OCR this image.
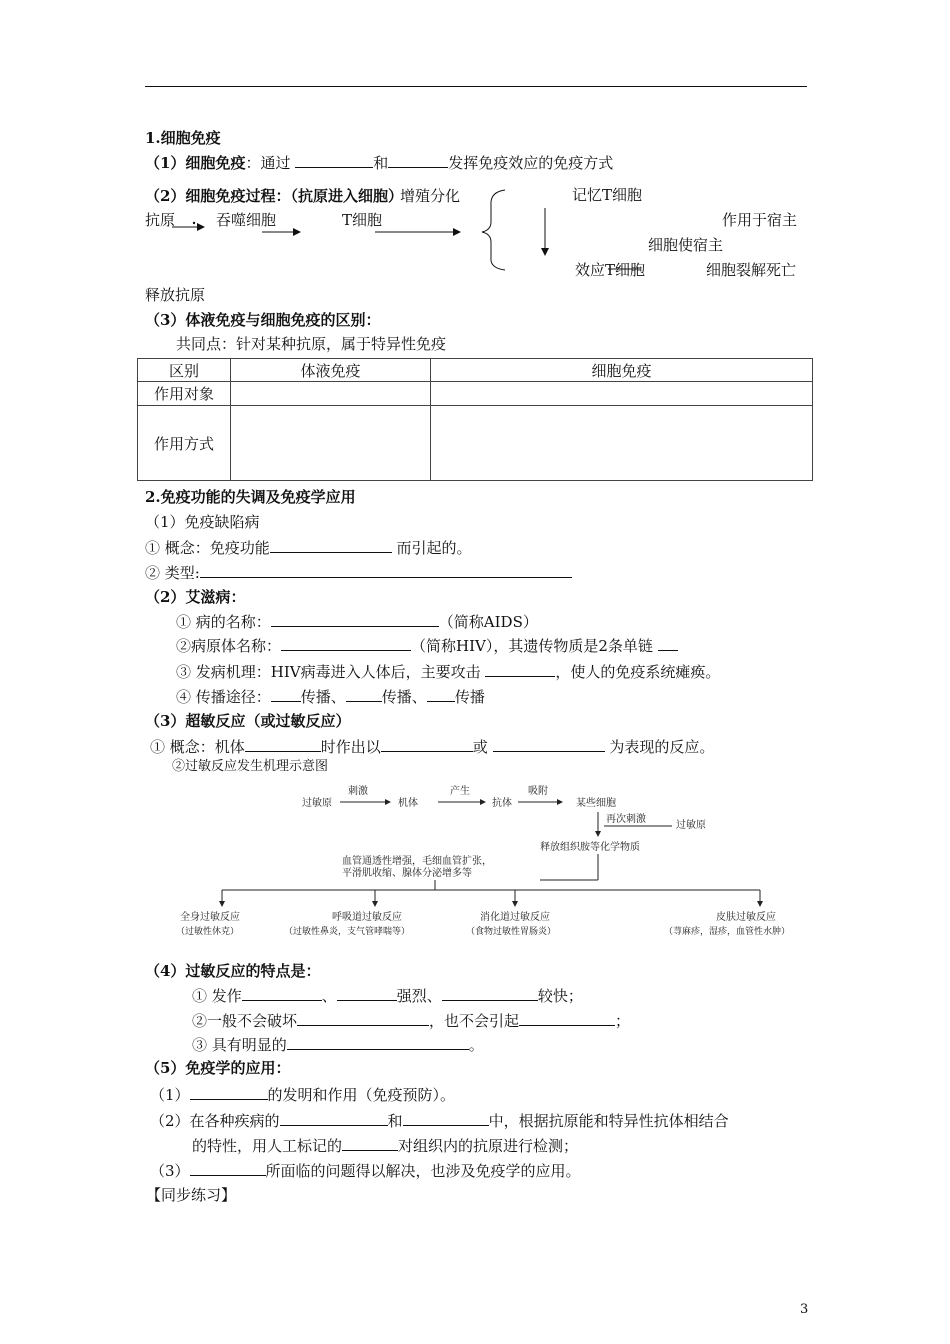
1.细胞免疫
（1）细胞免疫：通过	和	发挥免疫效应的免疫方式
（2）细胞免疫过程：（抗原进入细胞）
增殖分化
抗原	吞噬细胞	T细胞
记忆T细胞
效应T细胞
作用于宿主
细胞使宿主
细胞裂解死亡
释放抗原
（3）体液免疫与细胞免疫的区别：
共同点：针对某种抗原，属于特异性免疫
区别	体液免疫	细胞免疫
作用对象		
作用方式		
2.免疫功能的失调及免疫学应用
（1）免疫缺陷病
① 概念：免疫功能	而引起的。
② 类型:
（2）艾滋病：
① 病的名称：	（简称AIDS）
②病原体名称：	（简称HIV），其遗传物质是2条单链
③ 发病机理：HIV病毒进入人体后，主要攻击	，使人的免疫系统瘫痪。
④ 传播途径： 传播、 传播、 传播
（3）超敏反应（或过敏反应）
① 概念：机体	时作出以	或	为表现的反应。
②过敏反应发生机理示意图
过敏原
刺激
机体
产生
抗体
吸附
某些细胞
再次刺激
过敏原
释放组织胺等化学物质
血管通透性增强，毛细血管扩张，
平滑肌收缩、腺体分泌增多等
全身过敏反应
（过敏性休克）
呼吸道过敏反应
（过敏性鼻炎，支气管哮喘等）
消化道过敏反应
（食物过敏性胃肠炎）
皮肤过敏反应
（荨麻疹，湿疹，血管性水肿）
（4）过敏反应的特点是：
① 发作	、	强烈、	较快；
②一般不会破坏	，也不会引起	；
③ 具有明显的	。
（5）免疫学的应用：
（1）	的发明和作用（免疫预防）。
（2）在各种疾病的	和	中，根据抗原能和特异性抗体相结合
的特性，用人工标记的	对组织内的抗原进行检测；
（3）	所面临的问题得以解决，也涉及免疫学的应用。
【同步练习】
3
